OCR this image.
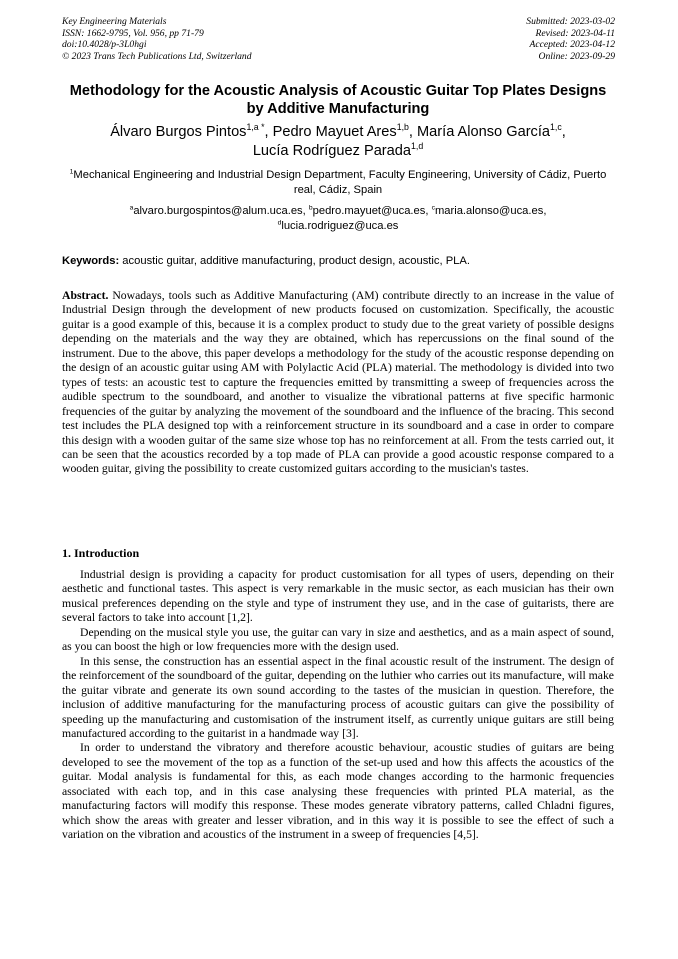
Key Engineering Materials
ISSN: 1662-9795, Vol. 956, pp 71-79
doi:10.4028/p-3L0hgi
© 2023 Trans Tech Publications Ltd, Switzerland
Submitted: 2023-03-02
Revised: 2023-04-11
Accepted: 2023-04-12
Online: 2023-09-29
Methodology for the Acoustic Analysis of Acoustic Guitar Top Plates Designs by Additive Manufacturing
Álvaro Burgos Pintos$^{1,a *}$, Pedro Mayuet Ares$^{1,b}$, María Alonso García$^{1,c}$,
Lucía Rodríguez Parada$^{1,d}$
$^1$Mechanical Engineering and Industrial Design Department, Faculty Engineering, University of Cádiz, Puerto real, Cádiz, Spain
$^a$alvaro.burgospintos@alum.uca.es, $^b$pedro.mayuet@uca.es, $^c$maria.alonso@uca.es,
$^d$lucia.rodriguez@uca.es
Keywords: acoustic guitar, additive manufacturing, product design, acoustic, PLA.
Abstract. Nowadays, tools such as Additive Manufacturing (AM) contribute directly to an increase in the value of Industrial Design through the development of new products focused on customization. Specifically, the acoustic guitar is a good example of this, because it is a complex product to study due to the great variety of possible designs depending on the materials and the way they are obtained, which has repercussions on the final sound of the instrument. Due to the above, this paper develops a methodology for the study of the acoustic response depending on the design of an acoustic guitar using AM with Polylactic Acid (PLA) material. The methodology is divided into two types of tests: an acoustic test to capture the frequencies emitted by transmitting a sweep of frequencies across the audible spectrum to the soundboard, and another to visualize the vibrational patterns at five specific harmonic frequencies of the guitar by analyzing the movement of the soundboard and the influence of the bracing. This second test includes the PLA designed top with a reinforcement structure in its soundboard and a case in order to compare this design with a wooden guitar of the same size whose top has no reinforcement at all. From the tests carried out, it can be seen that the acoustics recorded by a top made of PLA can provide a good acoustic response compared to a wooden guitar, giving the possibility to create customized guitars according to the musician's tastes.
1. Introduction

Industrial design is providing a capacity for product customisation for all types of users, depending on their aesthetic and functional tastes. This aspect is very remarkable in the music sector, as each musician has their own musical preferences depending on the style and type of instrument they use, and in the case of guitarists, there are several factors to take into account [1,2].

Depending on the musical style you use, the guitar can vary in size and aesthetics, and as a main aspect of sound, as you can boost the high or low frequencies more with the design used.

In this sense, the construction has an essential aspect in the final acoustic result of the instrument. The design of the reinforcement of the soundboard of the guitar, depending on the luthier who carries out its manufacture, will make the guitar vibrate and generate its own sound according to the tastes of the musician in question. Therefore, the inclusion of additive manufacturing for the manufacturing process of acoustic guitars can give the possibility of speeding up the manufacturing and customisation of the instrument itself, as currently unique guitars are still being manufactured according to the guitarist in a handmade way [3].

In order to understand the vibratory and therefore acoustic behaviour, acoustic studies of guitars are being developed to see the movement of the top as a function of the set-up used and how this affects the acoustics of the guitar. Modal analysis is fundamental for this, as each mode changes according to the harmonic frequencies associated with each top, and in this case analysing these frequencies with printed PLA material, as the manufacturing factors will modify this response. These modes generate vibratory patterns, called Chladni figures, which show the areas with greater and lesser vibration, and in this way it is possible to see the effect of such a variation on the vibration and acoustics of the instrument in a sweep of frequencies [4,5].
